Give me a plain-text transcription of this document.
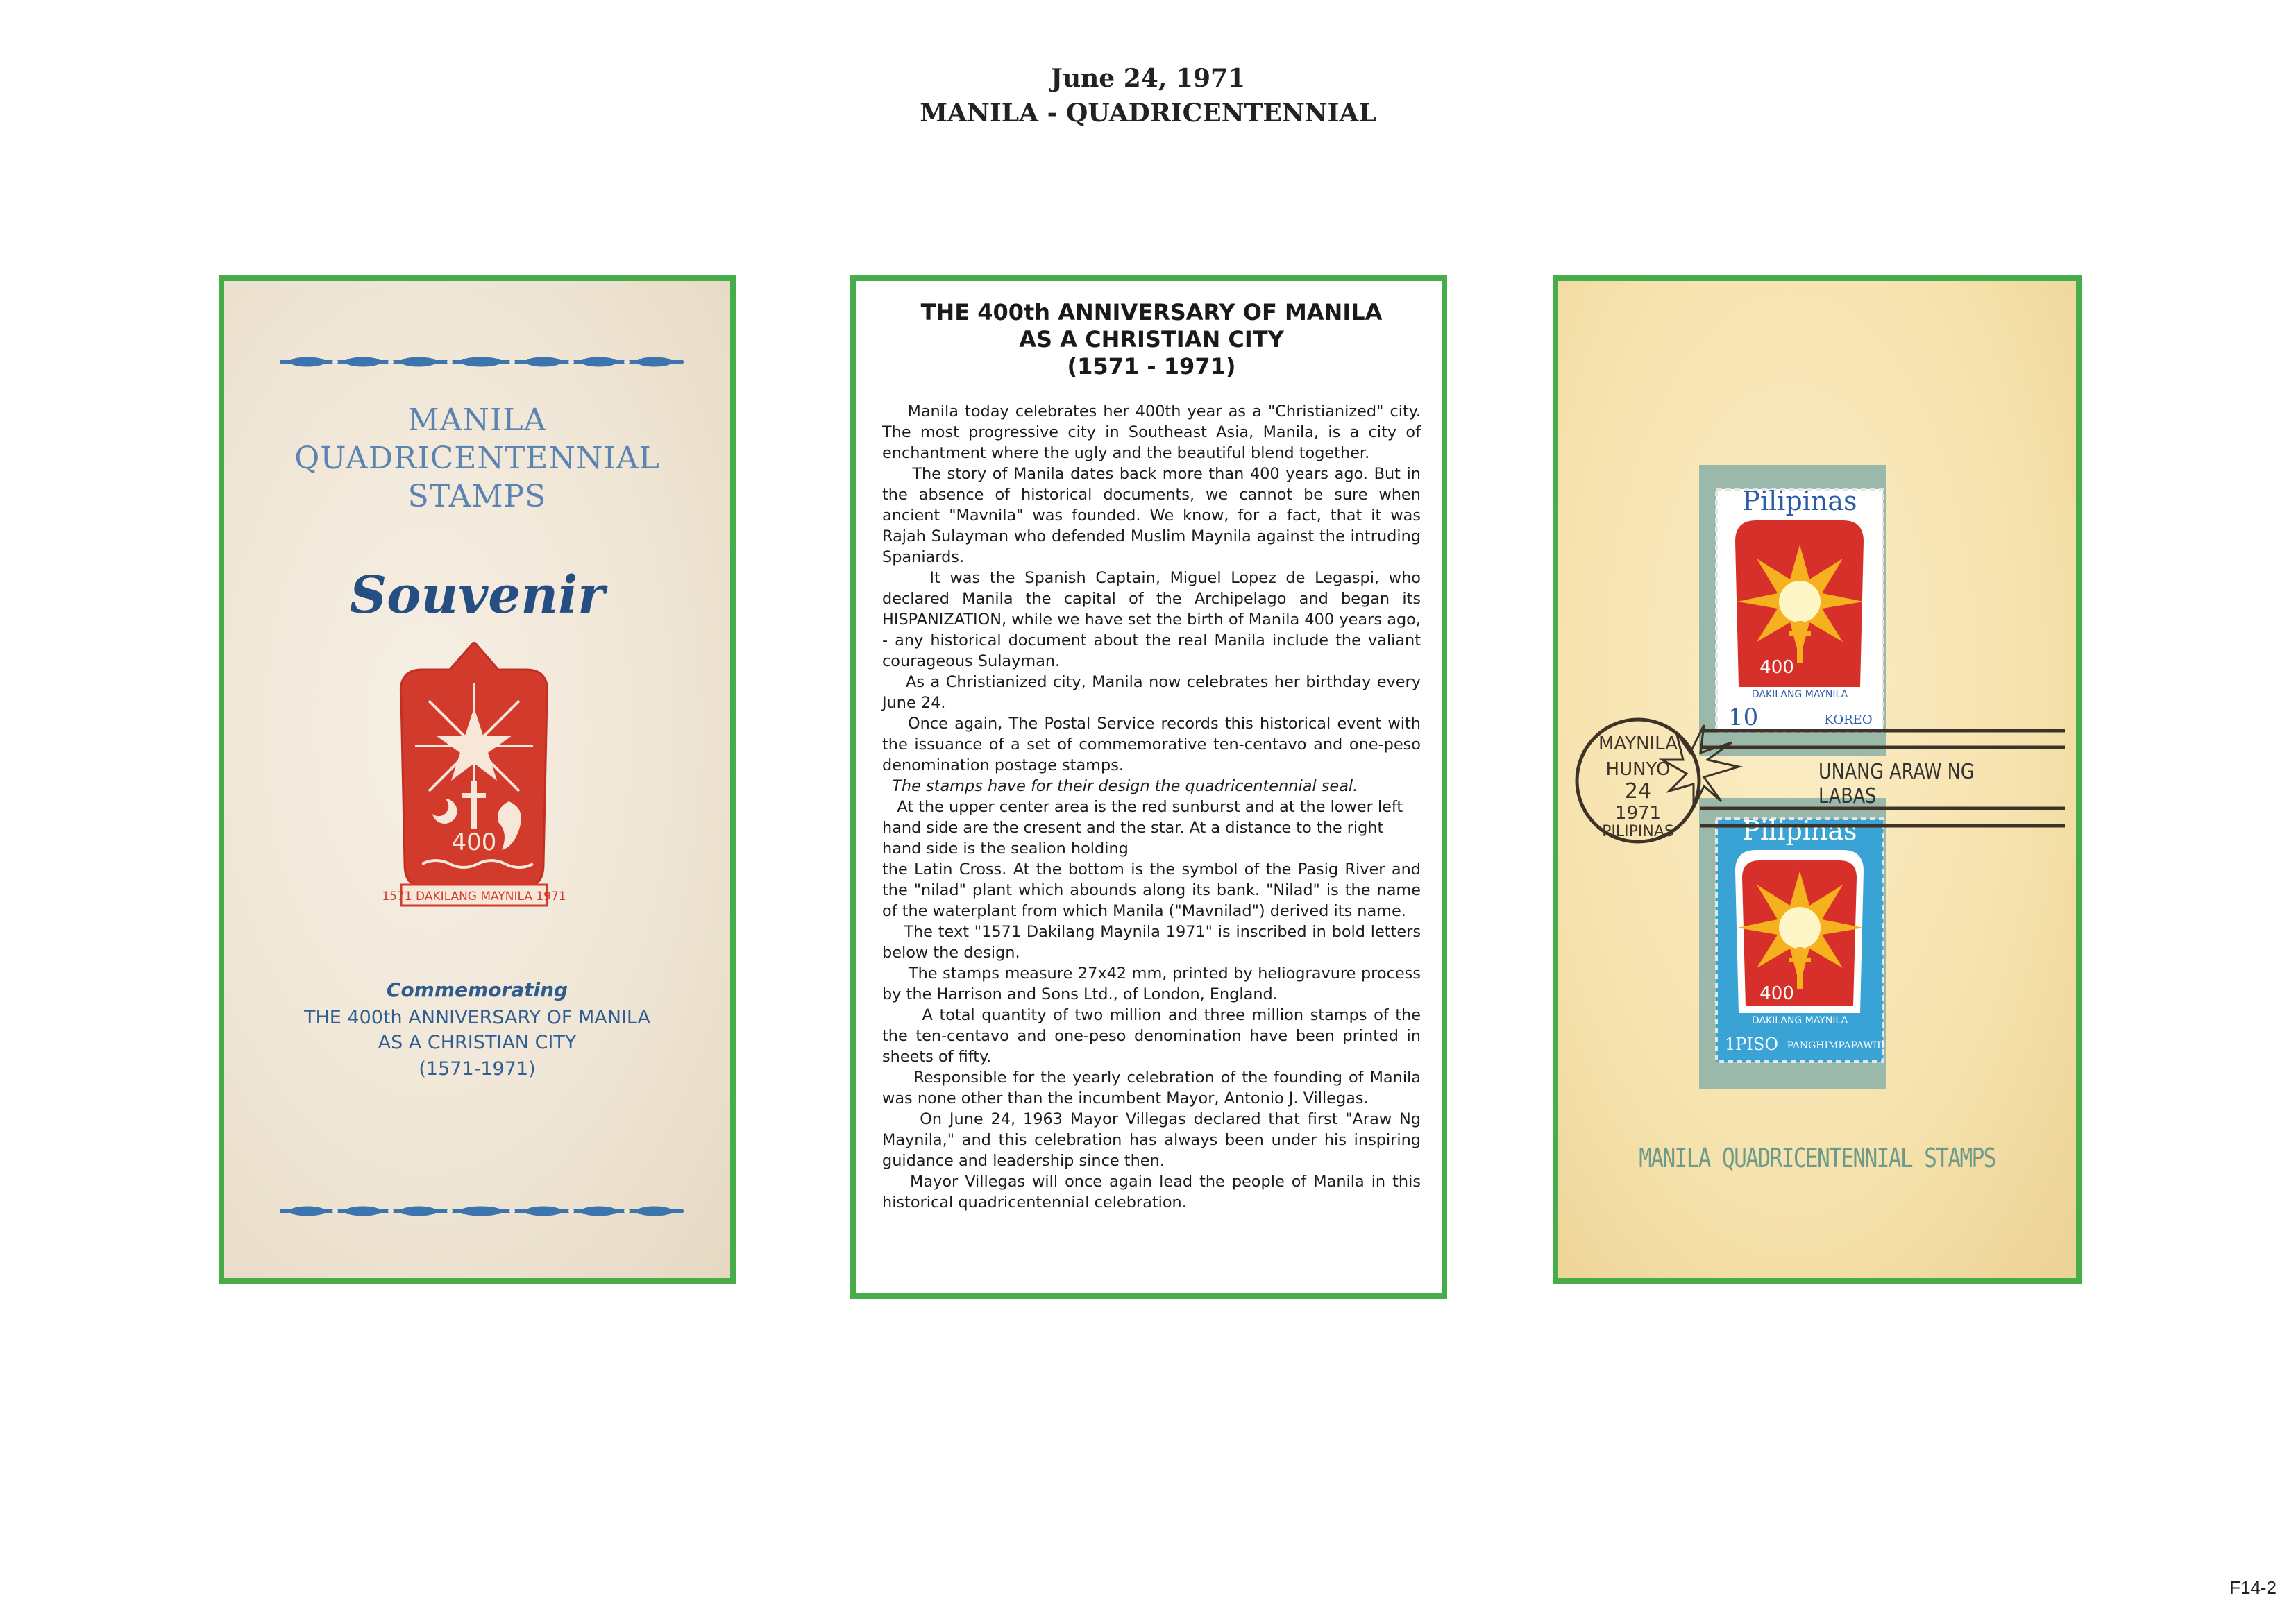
June 24, 1971
MANILA - QUADRICENTENNIAL
MANILA
QUADRICENTENNIAL
STAMPS
Souvenir
400
1571 DAKILANG MAYNILA 1971
Commemorating
THE 400th ANNIVERSARY OF MANILA
AS A CHRISTIAN CITY
(1571-1971)
THE 400th ANNIVERSARY OF MANILA
AS A CHRISTIAN CITY
(1571 - 1971)

Manila today celebrates her 400th year as a "Christianized" city. The most progressive city in Southeast Asia, Manila, is a city of enchantment where the ugly and the beautiful blend together.

The story of Manila dates back more than 400 years ago. But in the absence of historical documents, we cannot be sure when ancient "Mavnila" was founded. We know, for a fact, that it was Rajah Sulayman who defended Muslim Maynila against the intruding Spaniards.

It was the Spanish Captain, Miguel Lopez de Legaspi, who declared Manila the capital of the Archipelago and began its HISPANIZATION, while we have set the birth of Manila 400 years ago, - any historical document about the real Manila include the valiant courageous Sulayman.

As a Christianized city, Manila now celebrates her birthday every June 24.

Once again, The Postal Service records this historical event with the issuance of a set of commemorative ten-centavo and one-peso denomination postage stamps.

The stamps have for their design the quadricentennial seal.

At the upper center area is the red sunburst and at the lower left hand side are the cresent and the star. At a distance to the right hand side is the sealion holding

the Latin Cross. At the bottom is the symbol of the Pasig River and the "nilad" plant which abounds along its bank. "Nilad" is the name of the waterplant from which Manila ("Mavnilad") derived its name.

The text "1571 Dakilang Maynila 1971" is inscribed in bold letters below the design.

The stamps measure 27x42 mm, printed by heliogravure process by the Harrison and Sons Ltd., of London, England.

A total quantity of two million and three million stamps of the the ten-centavo and one-peso denomination have been printed in sheets of fifty.

Responsible for the yearly celebration of the founding of Manila was none other than the incumbent Mayor, Antonio J. Villegas.

On June 24, 1963 Mayor Villegas declared that first "Araw Ng Maynila," and this celebration has always been under his inspiring guidance and leadership since then.

Mayor Villegas will once again lead the people of Manila in this historical quadricentennial celebration.

Pilipinas
400
DAKILANG MAYNILA
10	KOREO
Pilipinas
400
DAKILANG MAYNILA
1PISO PANGHIMPAPAWID
MAYNILA
HUNYO
24
1971
PILIPINAS
UNANG ARAW NG LABAS
MANILA QUADRICENTENNIAL STAMPS
F14-2
